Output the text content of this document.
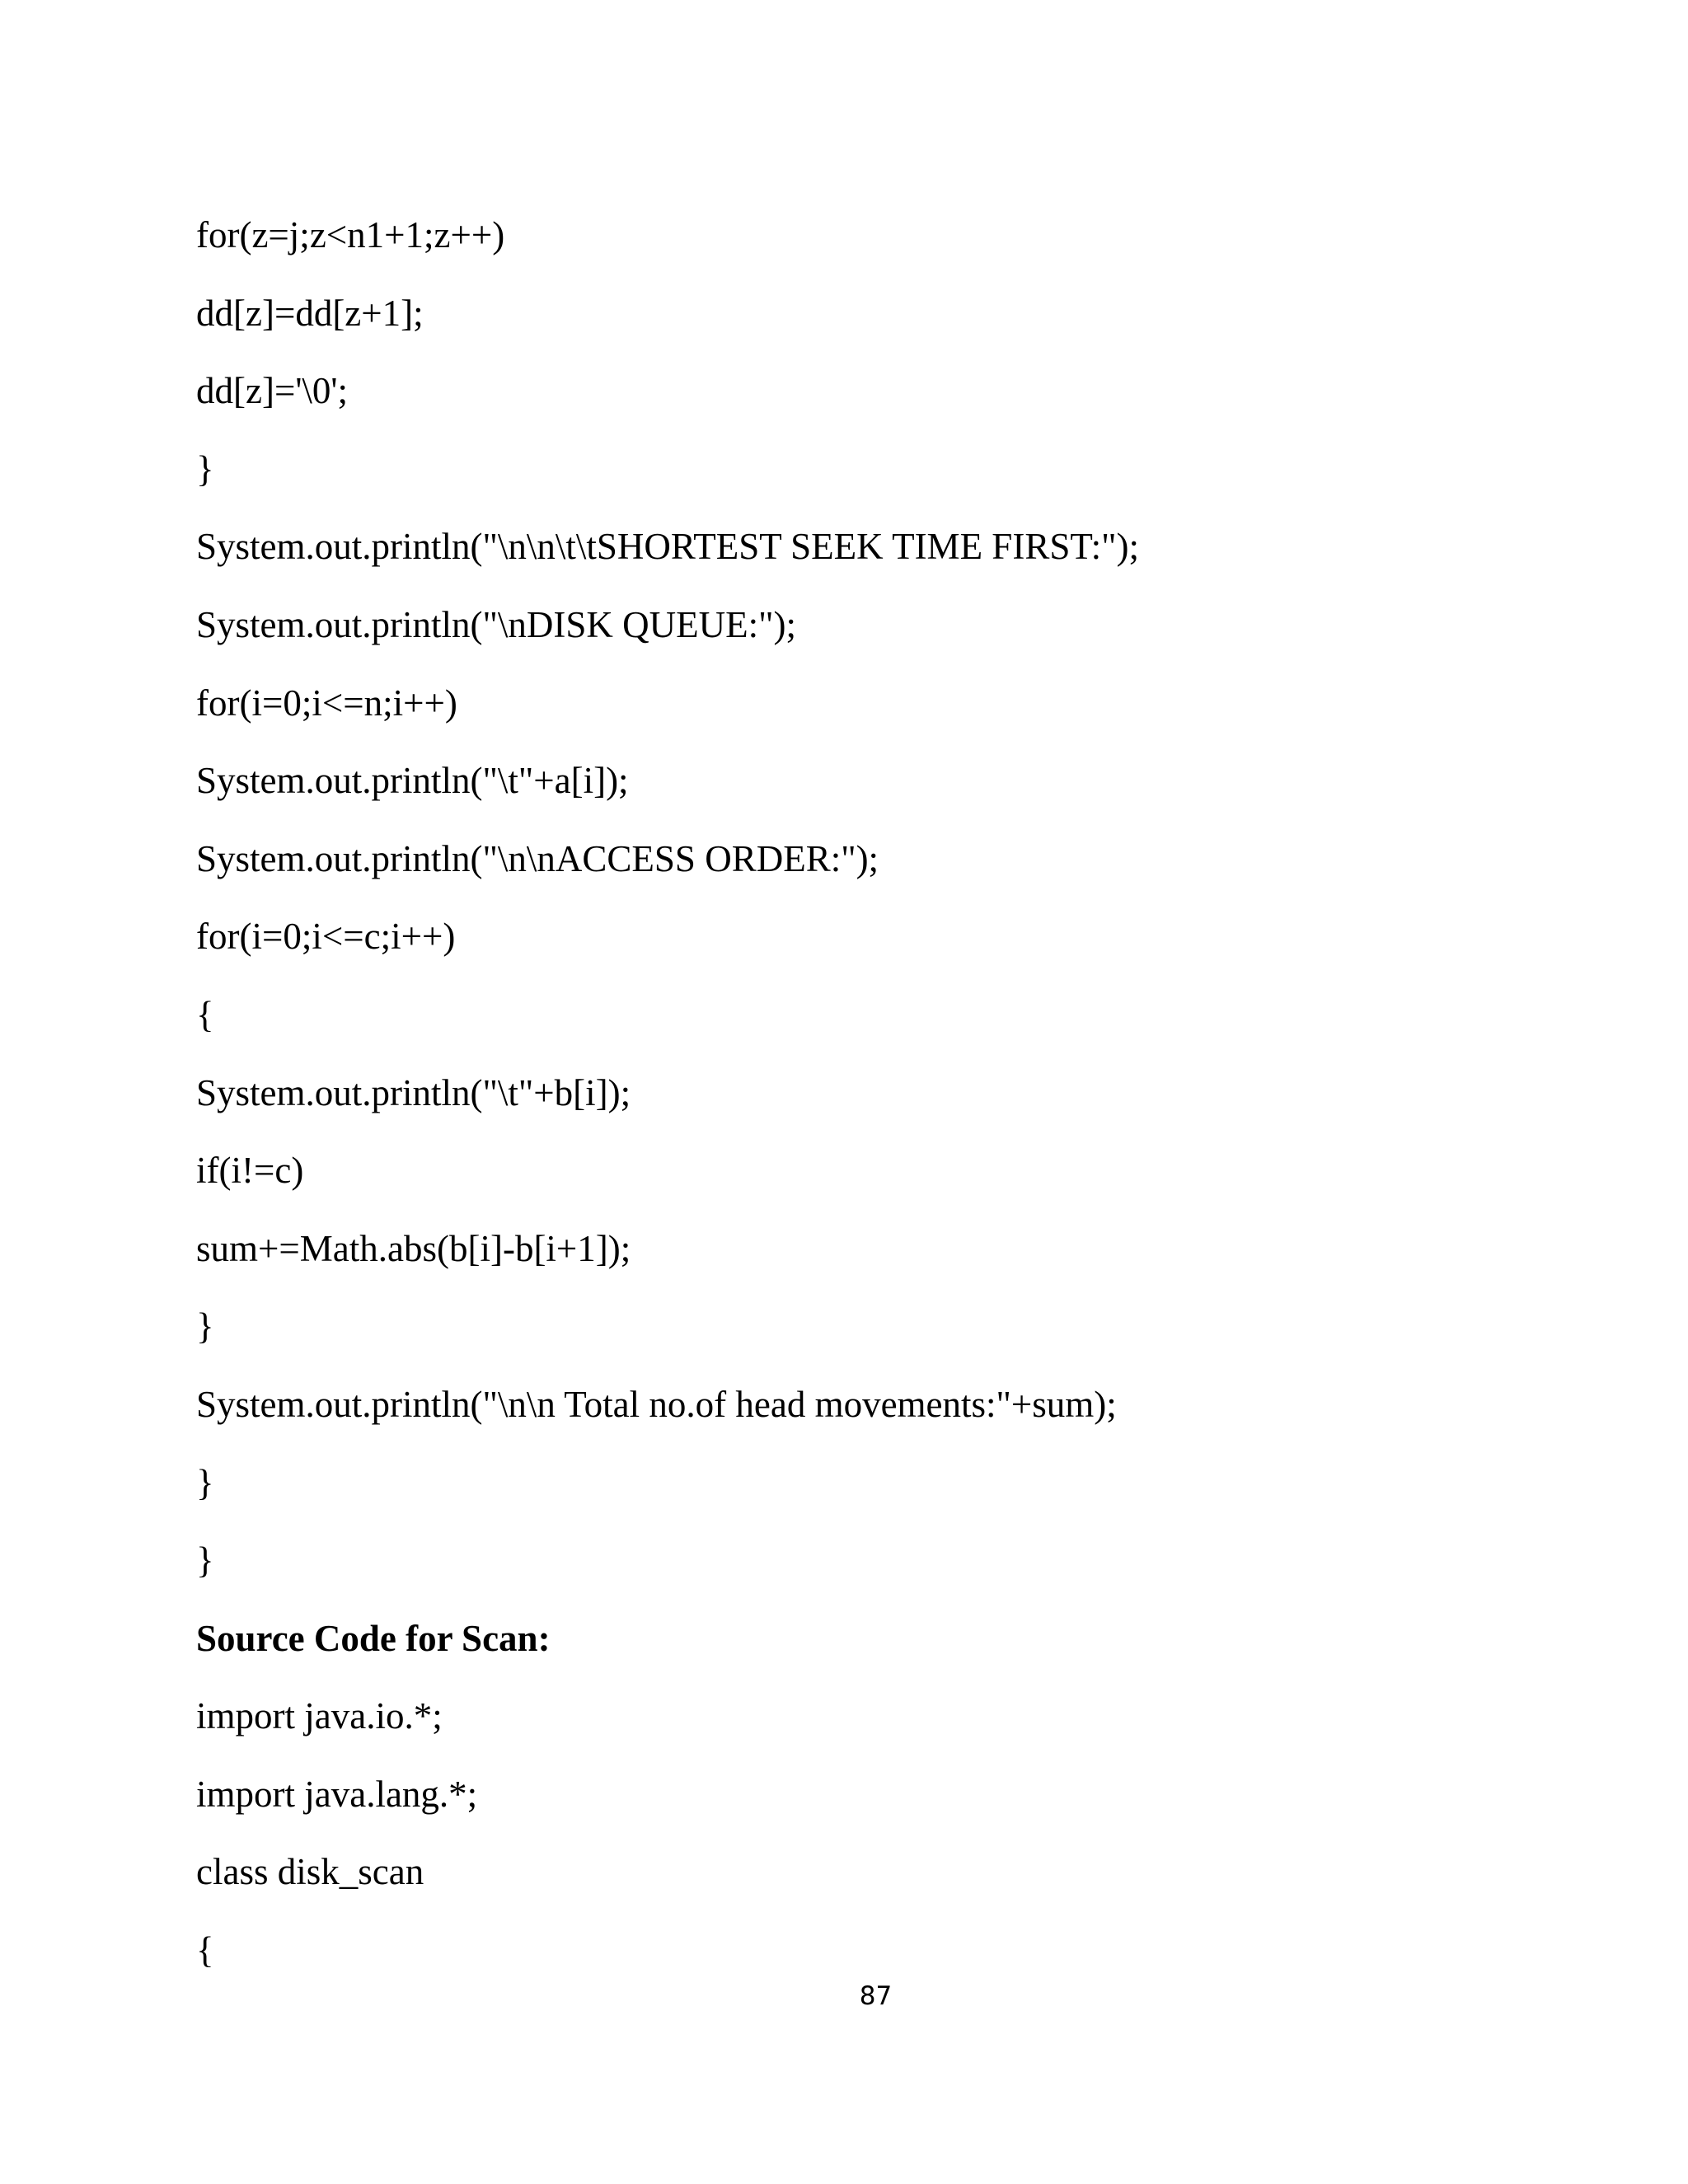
for(z=j;z<n1+1;z++)
dd[z]=dd[z+1];
dd[z]='\0';
}
System.out.println("\n\n\t\tSHORTEST SEEK TIME FIRST:");
System.out.println("\nDISK QUEUE:");
for(i=0;i<=n;i++)
System.out.println("\t"+a[i]);
System.out.println("\n\nACCESS ORDER:");
for(i=0;i<=c;i++)
{
System.out.println("\t"+b[i]);
if(i!=c)
sum+=Math.abs(b[i]-b[i+1]);
}
System.out.println("\n\n Total no.of head movements:"+sum);
}
}
Source Code for Scan:
import java.io.*;
import java.lang.*;
class disk_scan
{
87
